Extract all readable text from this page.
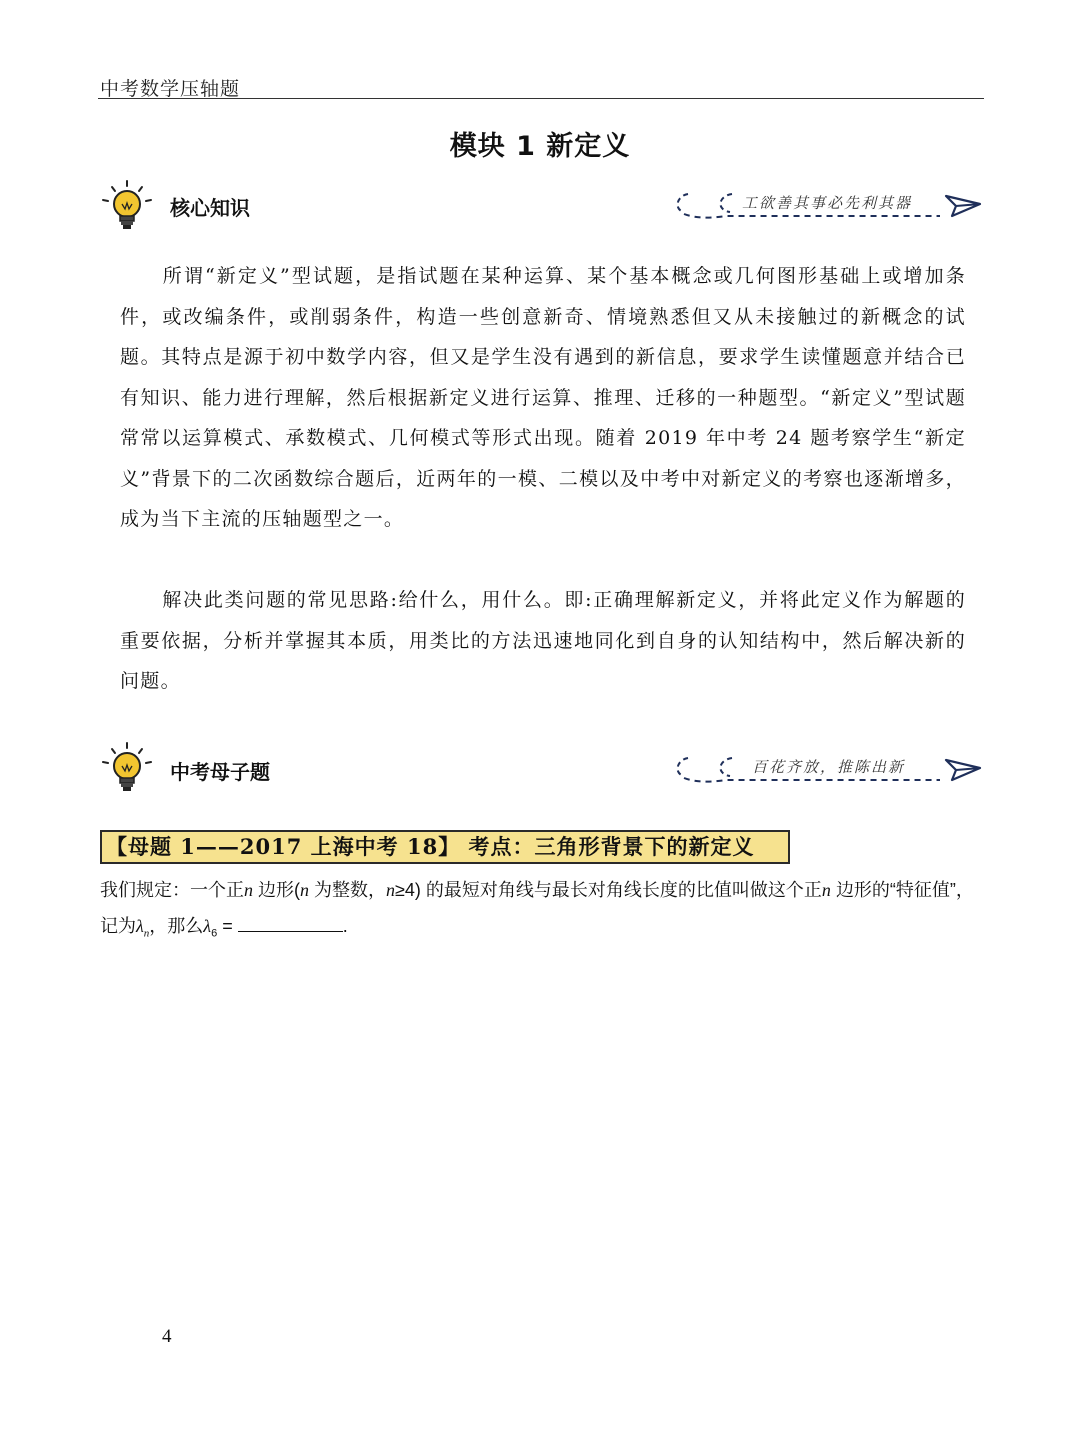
中考数学压轴题
模块 1 新定义
核心知识	工欲善其事必先利其器

所谓“新定义”型试题，是指试题在某种运算、某个基本概念或几何图形基础上或增加条件，或改编条件，或削弱条件，构造一些创意新奇、情境熟悉但又从未接触过的新概念的试题。其特点是源于初中数学内容，但又是学生没有遇到的新信息，要求学生读懂题意并结合已有知识、能力进行理解，然后根据新定义进行运算、推理、迁移的一种题型。“新定义”型试题常常以运算模式、承数模式、几何模式等形式出现。随着 2019 年中考 24 题考察学生“新定义”背景下的二次函数综合题后，近两年的一模、二模以及中考中对新定义的考察也逐渐增多，成为当下主流的压轴题型之一。

解决此类问题的常见思路:给什么，用什么。即:正确理解新定义，并将此定义作为解题的重要依据，分析并掌握其本质，用类比的方法迅速地同化到自身的认知结构中，然后解决新的问题。

中考母子题	百花齐放，推陈出新
【母题 1——2017 上海中考 18】 考点：三角形背景下的新定义

我们规定：一个正n 边形(n 为整数，n≥4) 的最短对角线与最长对角线长度的比值叫做这个正n 边形的“特征值”，记为$\lambda_n$，那么$\lambda_6$ =	.

4
